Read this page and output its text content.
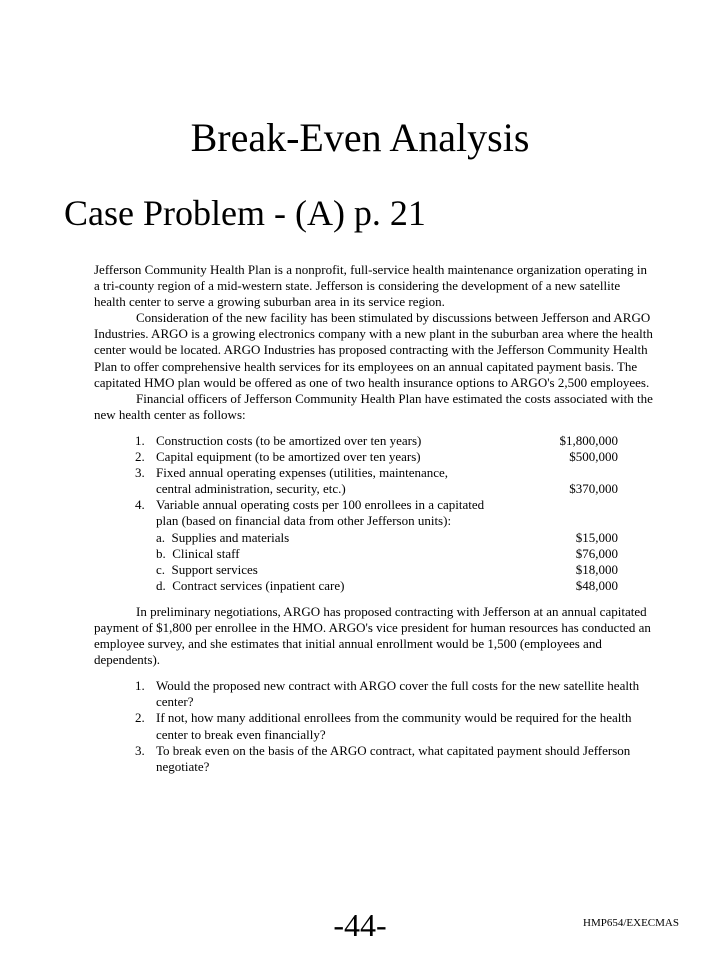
Break-Even Analysis
Case Problem - (A) p. 21

Jefferson Community Health Plan is a nonprofit, full-service health maintenance organization operating in a tri-county region of a mid-western state. Jefferson is considering the development of a new satellite health center to serve a growing suburban area in its service region.

Consideration of the new facility has been stimulated by discussions between Jefferson and ARGO Industries. ARGO is a growing electronics company with a new plant in the suburban area where the health center would be located. ARGO Industries has proposed contracting with the Jefferson Community Health Plan to offer comprehensive health services for its employees on an annual capitated payment basis. The capitated HMO plan would be offered as one of two health insurance options to ARGO's 2,500 employees.

Financial officers of Jefferson Community Health Plan have estimated the costs associated with the new health center as follows:

1. Construction costs (to be amortized over ten years)	$1,800,000
2. Capital equipment (to be amortized over ten years)	$500,000
3. Fixed annual operating expenses (utilities, maintenance,
central administration, security, etc.)	$370,000
4. Variable annual operating costs per 100 enrollees in a capitated plan (based on financial data from other Jefferson units):
a. Supplies and materials	$15,000
b. Clinical staff	$76,000
c. Support services	$18,000
d. Contract services (inpatient care)	$48,000

In preliminary negotiations, ARGO has proposed contracting with Jefferson at an annual capitated payment of $1,800 per enrollee in the HMO. ARGO's vice president for human resources has conducted an employee survey, and she estimates that initial annual enrollment would be 1,500 (employees and dependents).

1. Would the proposed new contract with ARGO cover the full costs for the new satellite health center?
2. If not, how many additional enrollees from the community would be required for the health center to break even financially?
3. To break even on the basis of the ARGO contract, what capitated payment should Jefferson negotiate?
-44-	HMP654/EXECMAS
